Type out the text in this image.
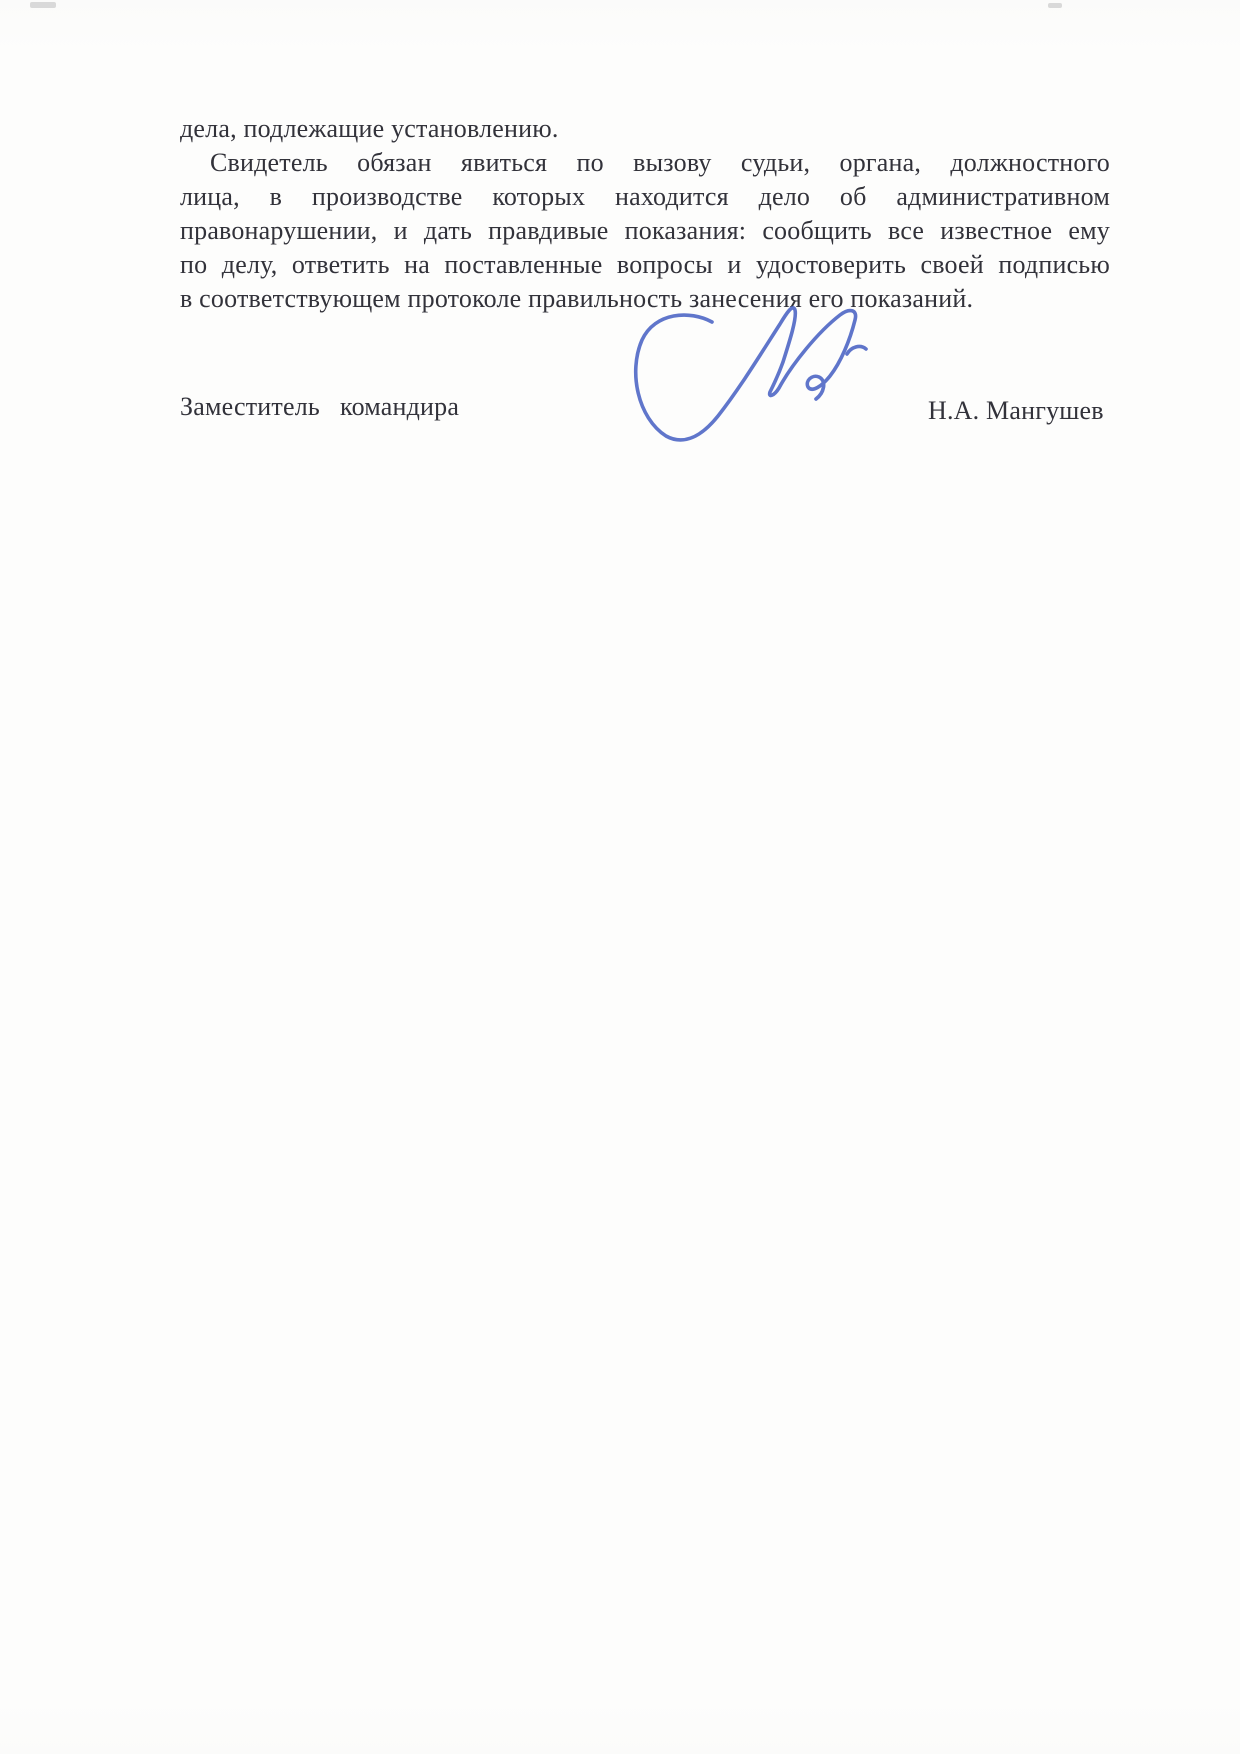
дела, подлежащие установлению.
Свидетель обязан явиться по вызову судьи, органа, должностного
лица, в производстве которых находится дело об административном
правонарушении, и дать правдивые показания: сообщить все известное ему
по делу, ответить на поставленные вопросы и удостоверить своей подписью
в соответствующем протоколе правильность занесения его показаний.
Заместитель   командира	Н.А. Мангушев
